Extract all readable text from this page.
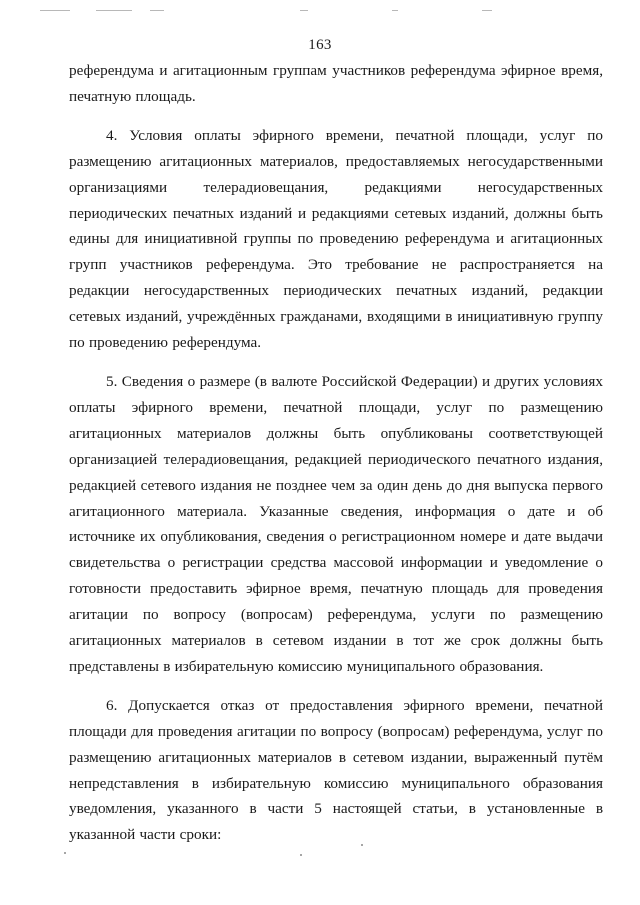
163

референдума и агитационным группам участников референдума эфирное время, печатную площадь.

4. Условия оплаты эфирного времени, печатной площади, услуг по размещению агитационных материалов, предоставляемых негосударственными организациями телерадиовещания, редакциями негосударственных периодических печатных изданий и редакциями сетевых изданий, должны быть едины для инициативной группы по проведению референдума и агитационных групп участников референдума. Это требование не распространяется на редакции негосударственных периодических печатных изданий, редакции сетевых изданий, учреждённых гражданами, входящими в инициативную группу по проведению референдума.

5. Сведения о размере (в валюте Российской Федерации) и других условиях оплаты эфирного времени, печатной площади, услуг по размещению агитационных материалов должны быть опубликованы соответствующей организацией телерадиовещания, редакцией периодического печатного издания, редакцией сетевого издания не позднее чем за один день до дня выпуска первого агитационного материала. Указанные сведения, информация о дате и об источнике их опубликования, сведения о регистрационном номере и дате выдачи свидетельства о регистрации средства массовой информации и уведомление о готовности предоставить эфирное время, печатную площадь для проведения агитации по вопросу (вопросам) референдума, услуги по размещению агитационных материалов в сетевом издании в тот же срок должны быть представлены в избирательную комиссию муниципального образования.

6. Допускается отказ от предоставления эфирного времени, печатной площади для проведения агитации по вопросу (вопросам) референдума, услуг по размещению агитационных материалов в сетевом издании, выраженный путём непредставления в избирательную комиссию муниципального образования уведомления, указанного в части 5 настоящей статьи, в установленные в указанной части сроки:
